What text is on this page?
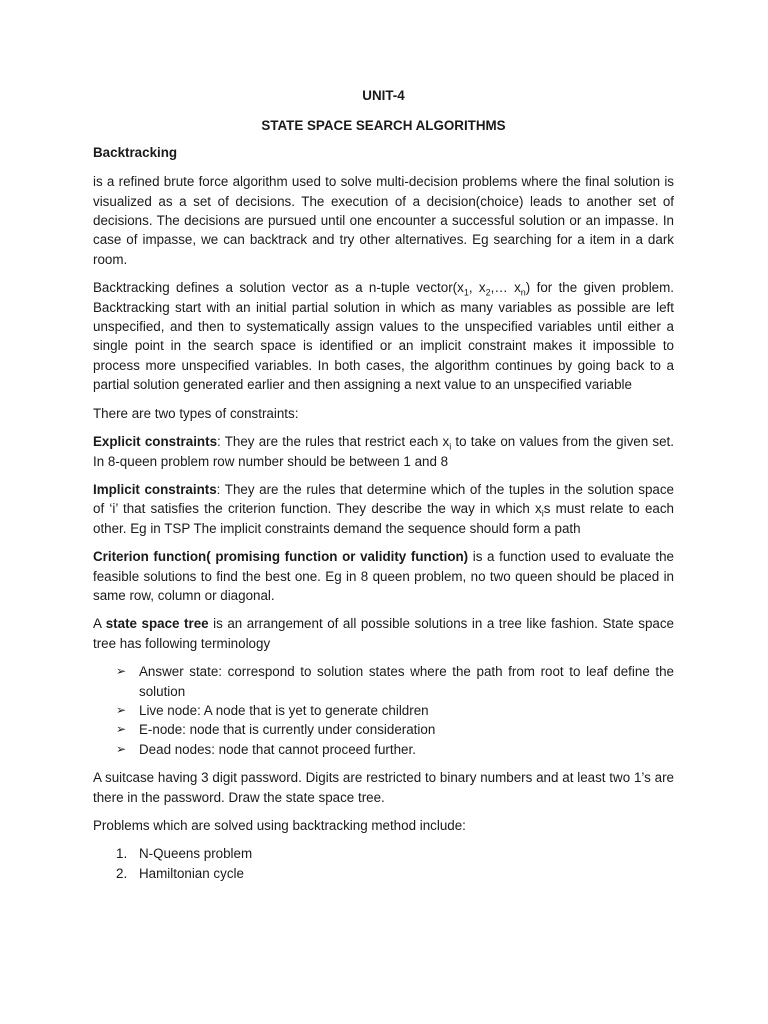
UNIT-4
STATE SPACE SEARCH ALGORITHMS
Backtracking

is a refined brute force algorithm used to solve multi-decision problems where the final solution is visualized as a set of decisions. The execution of a decision(choice) leads to another set of decisions. The decisions are pursued until one encounter a successful solution or an impasse. In case of impasse, we can backtrack and try other alternatives. Eg searching for a item in a dark room.

Backtracking defines a solution vector as a n-tuple $vector(x_1$, $x_2,\dots$ $x_n$) for the given problem. Backtracking start with an initial partial solution in which as many variables as possible are left unspecified, and then to systematically assign values to the unspecified variables until either a single point in the search space is identified or an implicit constraint makes it impossible to process more unspecified variables. In both cases, the algorithm continues by going back to a partial solution generated earlier and then assigning a next value to an unspecified variable

There are two types of constraints:

Explicit constraints: They are the rules that restrict each $x_i$ to take on values from the given set. In 8-queen problem row number should be between 1 and 8

Implicit constraints: They are the rules that determine which of the tuples in the solution space of ‘i’ that satisfies the criterion function. They describe the way in which $x_is$ must relate to each other. Eg in TSP The implicit constraints demand the sequence should form a path

Criterion function( promising function or validity function) is a function used to evaluate the feasible solutions to find the best one. Eg in 8 queen problem, no two queen should be placed in same row, column or diagonal.

A state space tree is an arrangement of all possible solutions in a tree like fashion. State space tree has following terminology

➢ Answer state: correspond to solution states where the path from root to leaf define the solution
➢ Live node: A node that is yet to generate children
➢ E-node: node that is currently under consideration
➢ Dead nodes: node that cannot proceed further.

A suitcase having 3 digit password. Digits are restricted to binary numbers and at least two 1’s are there in the password. Draw the state space tree.

Problems which are solved using backtracking method include:

1. N-Queens problem
2. Hamiltonian cycle
